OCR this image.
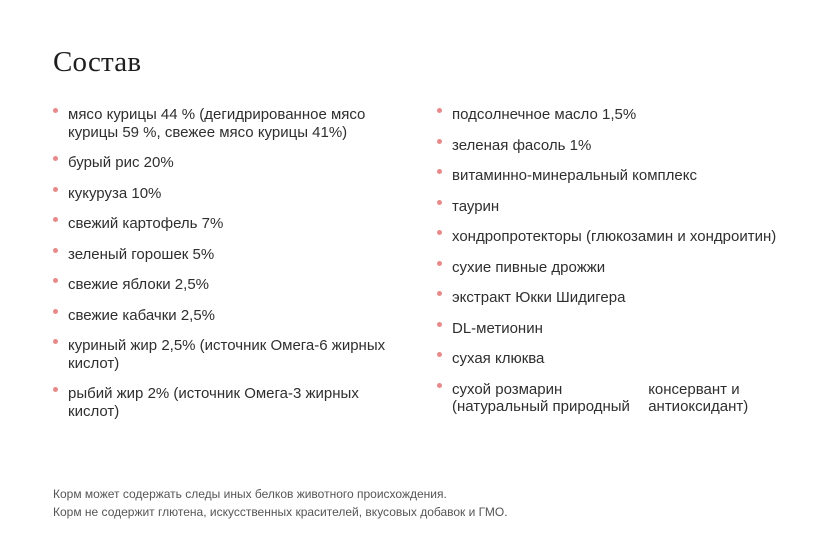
Состав
мясо курицы 44 % (дегидрированное мясо курицы 59 %, свежее мясо курицы 41%)
бурый рис 20%
кукуруза 10%
свежий картофель 7%
зеленый горошек 5%
свежие яблоки 2,5%
свежие кабачки 2,5%
куриный жир 2,5% (источник Омега-6 жирных кислот)
рыбий жир 2% (источник Омега-3 жирных кислот)
подсолнечное масло 1,5%
зеленая фасоль 1%
витаминно-минеральный комплекс
таурин
хондропротекторы (глюкозамин и хондроитин)
сухие пивные дрожжи
экстракт Юкки Шидигера
DL-метионин
сухая клюква
сухой розмарин (натуральный природный
консервант и антиоксидант)
Корм может содержать следы иных белков животного происхождения.
Корм не содержит глютена, искусственных красителей, вкусовых добавок и ГМО.
